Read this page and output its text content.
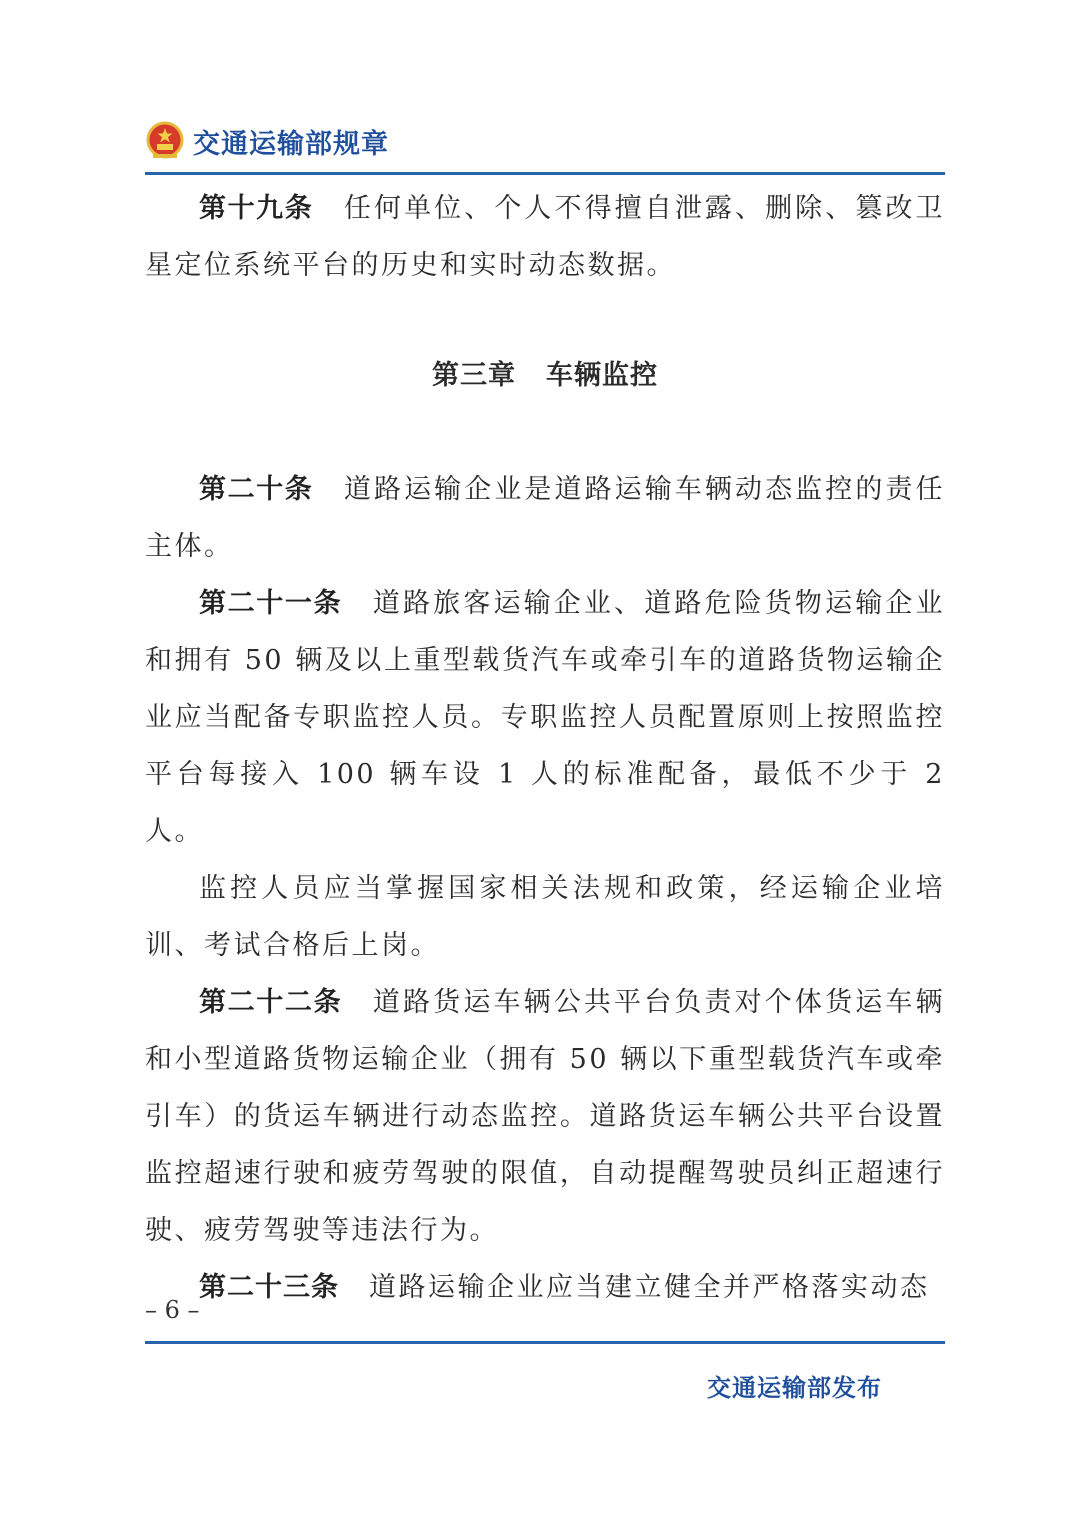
交通运输部规章

第十九条 任何单位、个人不得擅自泄露、删除、篡改卫星定位系统平台的历史和实时动态数据。

第三章 车辆监控

第二十条 道路运输企业是道路运输车辆动态监控的责任主体。

第二十一条 道路旅客运输企业、道路危险货物运输企业和拥有 50 辆及以上重型载货汽车或牵引车的道路货物运输企业应当配备专职监控人员。专职监控人员配置原则上按照监控平台每接入 100 辆车设 1 人的标准配备，最低不少于 2 人。

监控人员应当掌握国家相关法规和政策，经运输企业培训、考试合格后上岗。

第二十二条 道路货运车辆公共平台负责对个体货运车辆和小型道路货物运输企业（拥有 50 辆以下重型载货汽车或牵引车）的货运车辆进行动态监控。道路货运车辆公共平台设置监控超速行驶和疲劳驾驶的限值，自动提醒驾驶员纠正超速行驶、疲劳驾驶等违法行为。

第二十三条 道路运输企业应当建立健全并严格落实动态

– 6 –
交通运输部发布
